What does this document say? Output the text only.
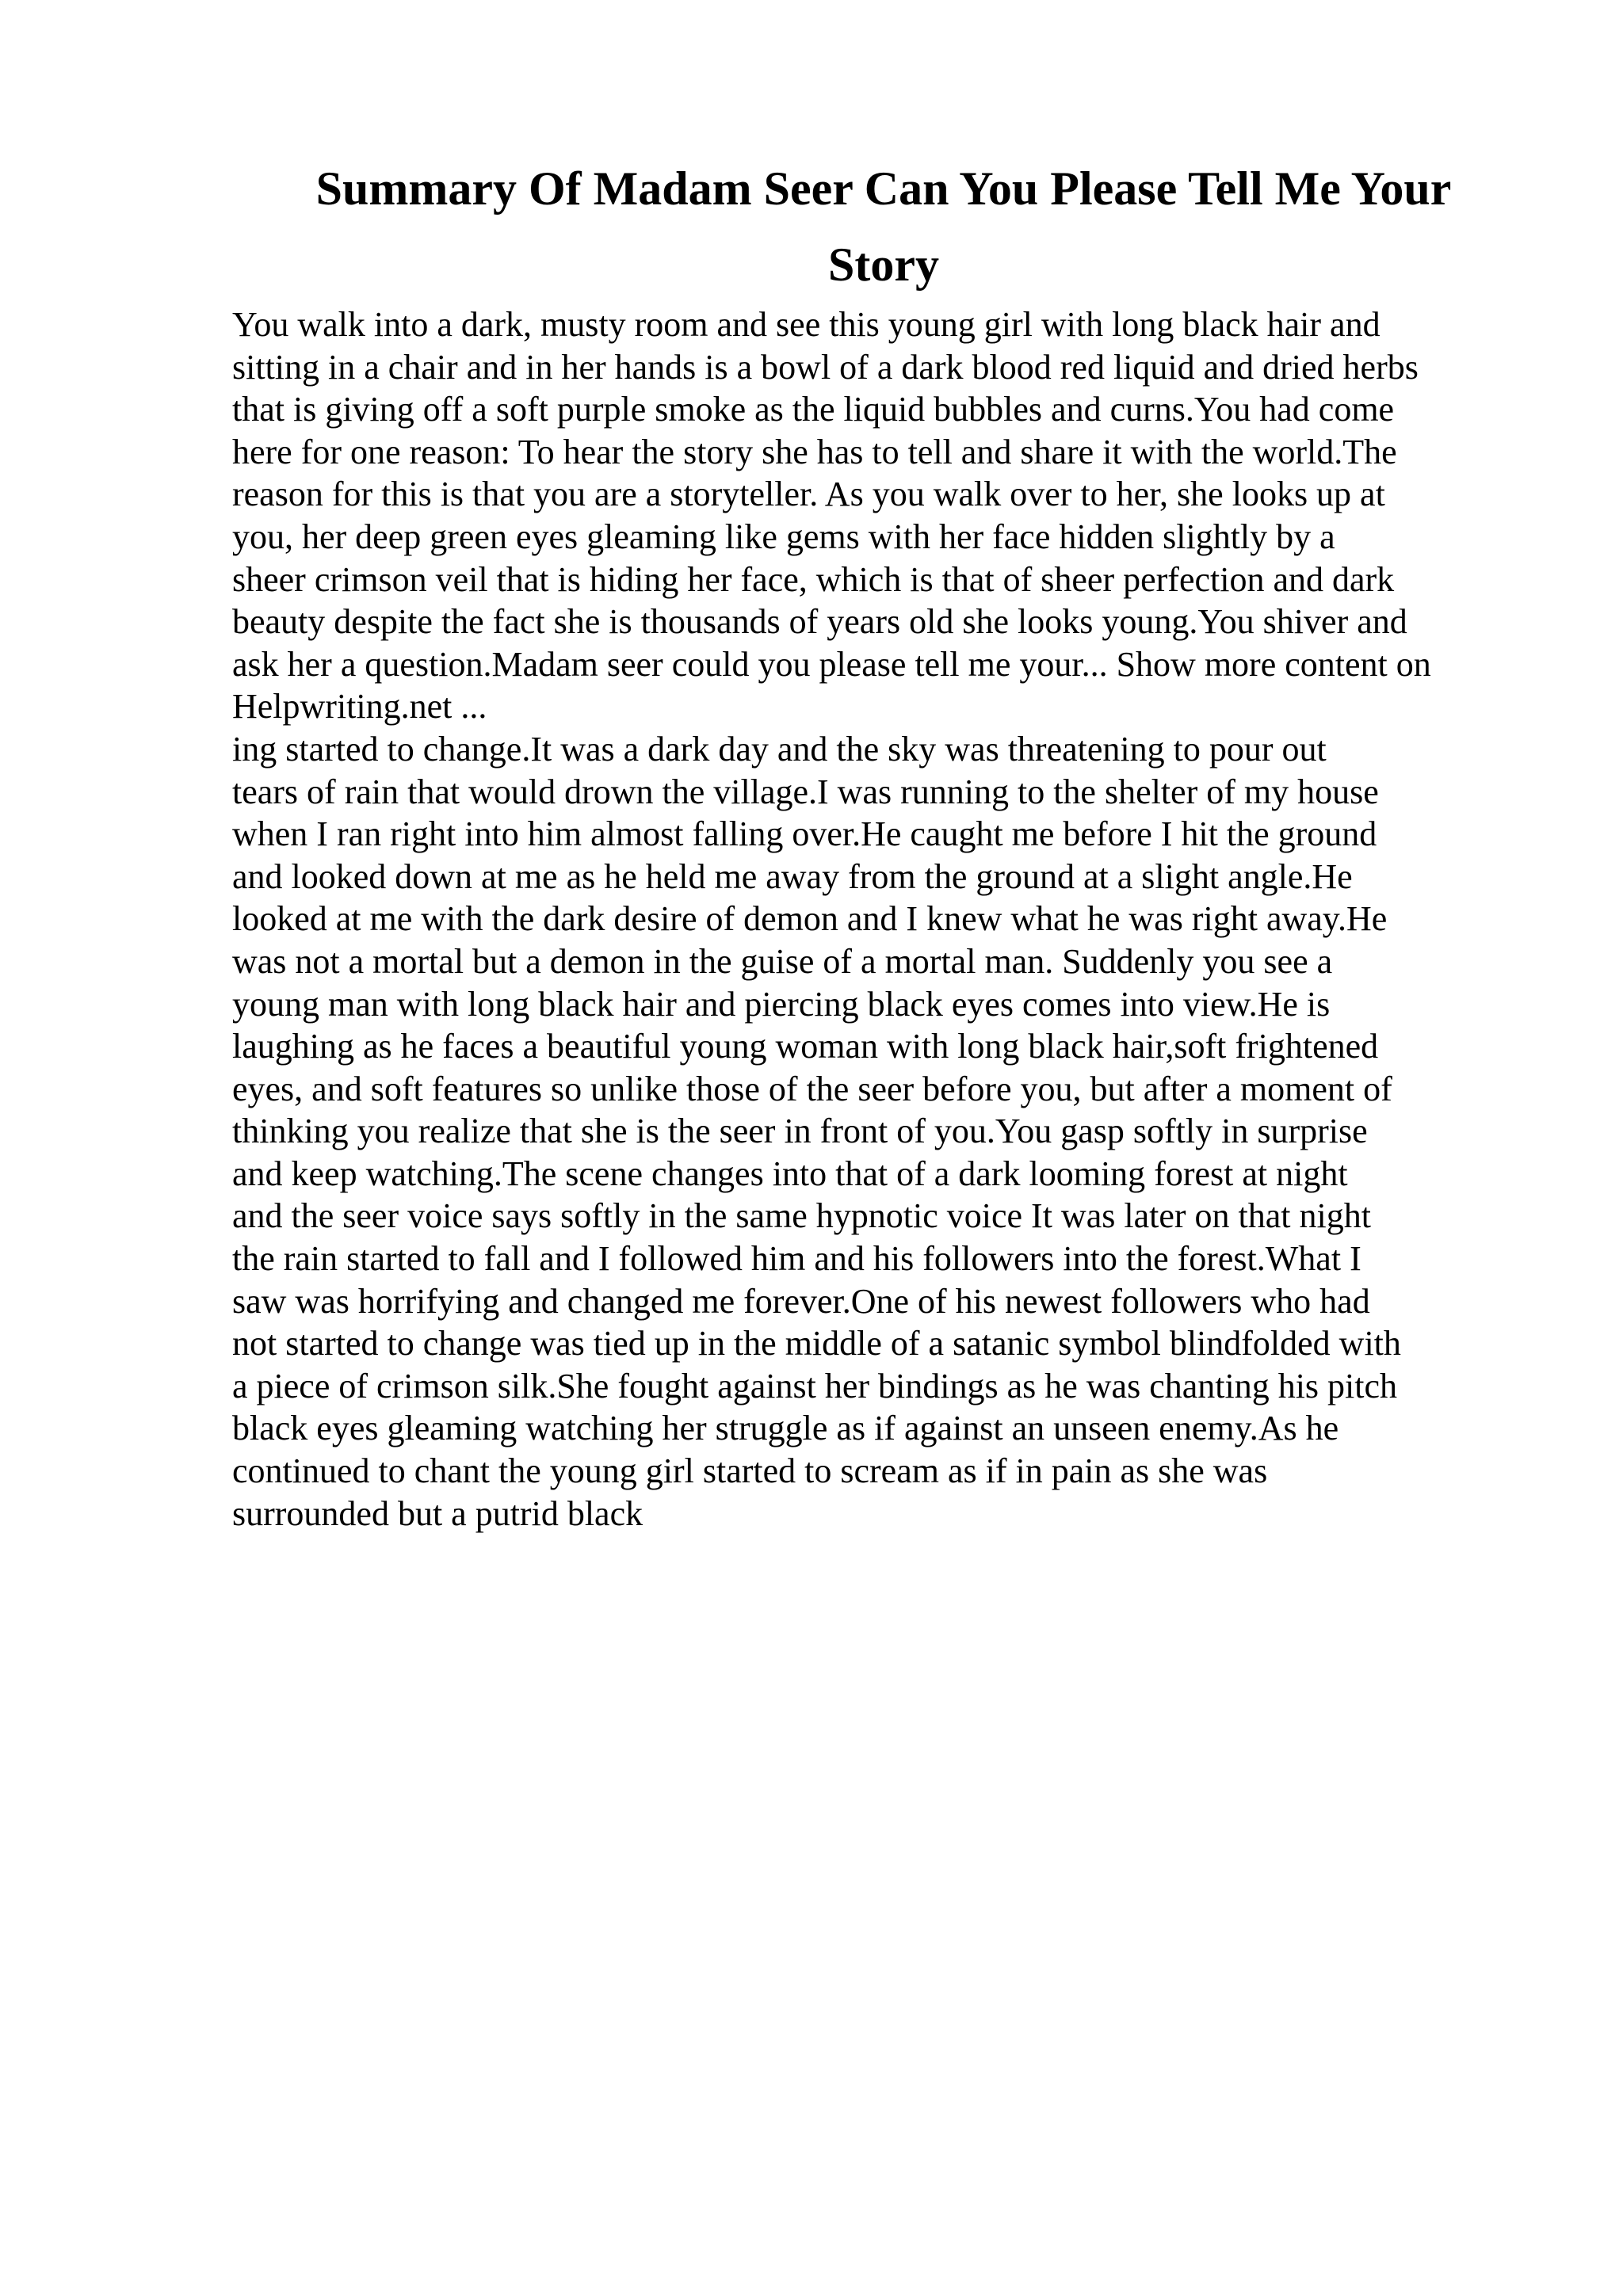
Summary Of Madam Seer Can You Please Tell Me Your Story
You walk into a dark, musty room and see this young girl with long black hair and
sitting in a chair and in her hands is a bowl of a dark blood red liquid and dried herbs
that is giving off a soft purple smoke as the liquid bubbles and curns.You had come
here for one reason: To hear the story she has to tell and share it with the world.The
reason for this is that you are a storyteller. As you walk over to her, she looks up at
you, her deep green eyes gleaming like gems with her face hidden slightly by a
sheer crimson veil that is hiding her face, which is that of sheer perfection and dark
beauty despite the fact she is thousands of years old she looks young.You shiver and
ask her a question.Madam seer could you please tell me your... Show more content on
Helpwriting.net ...
ing started to change.It was a dark day and the sky was threatening to pour out
tears of rain that would drown the village.I was running to the shelter of my house
when I ran right into him almost falling over.He caught me before I hit the ground
and looked down at me as he held me away from the ground at a slight angle.He
looked at me with the dark desire of demon and I knew what he was right away.He
was not a mortal but a demon in the guise of a mortal man. Suddenly you see a
young man with long black hair and piercing black eyes comes into view.He is
laughing as he faces a beautiful young woman with long black hair,soft frightened
eyes, and soft features so unlike those of the seer before you, but after a moment of
thinking you realize that she is the seer in front of you.You gasp softly in surprise
and keep watching.The scene changes into that of a dark looming forest at night
and the seer voice says softly in the same hypnotic voice It was later on that night
the rain started to fall and I followed him and his followers into the forest.What I
saw was horrifying and changed me forever.One of his newest followers who had
not started to change was tied up in the middle of a satanic symbol blindfolded with
a piece of crimson silk.She fought against her bindings as he was chanting his pitch
black eyes gleaming watching her struggle as if against an unseen enemy.As he
continued to chant the young girl started to scream as if in pain as she was
surrounded but a putrid black
